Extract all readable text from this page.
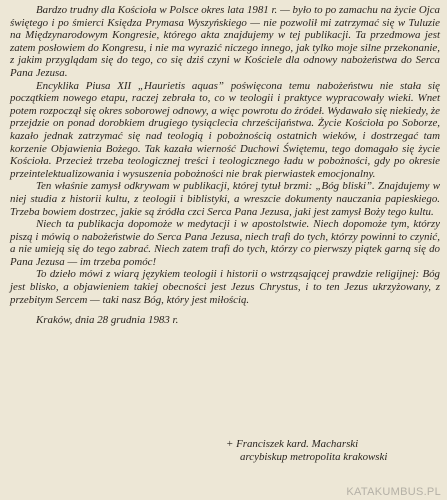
Bardzo trudny dla Kościoła w Polsce okres lata 1981 r. — było to po zamachu na życie Ojca świętego i po śmierci Księdza Prymasa Wyszyńskiego — nie pozwolił mi zatrzymać się w Tuluzie na Międzynarodowym Kongresie, którego akta znajdujemy w tej publikacji. Ta przedmowa jest zatem posłowiem do Kongresu, i nie ma wyrazić niczego innego, jak tylko moje silne przekonanie, z jakim przyglądam się do tego, co się dziś czyni w Kościele dla odnowy nabożeństwa do Serca Pana Jezusa.

Encyklika Piusa XII „Haurietis aquas” poświęcona temu nabożeństwu nie stała się początkiem nowego etapu, raczej zebrała to, co w teologii i praktyce wypracowały wieki. Wnet potem rozpoczął się okres soborowej odnowy, a więc powrotu do źródeł. Wydawało się niekiedy, że przejdzie on ponad dorobkiem drugiego tysiąclecia chrześcijaństwa. Życie Kościoła po Soborze, kazało jednak zatrzymać się nad teologią i pobożnością ostatnich wieków, i dostrzegać tam korzenie Objawienia Bożego. Tak kazała wierność Duchowi Świętemu, tego domagało się życie Kościoła. Przecież trzeba teologicznej treści i teologicznego ładu w pobożności, gdy po okresie przeintelektualizowania i wysuszenia pobożności nie brak pierwiastek emocjonalny.

Ten właśnie zamysł odkrywam w publikacji, której tytuł brzmi: „Bóg bliski”. Znajdujemy w niej studia z historii kultu, z teologii i biblistyki, a wreszcie dokumenty nauczania papieskiego. Trzeba bowiem dostrzec, jakie są źródła czci Serca Pana Jezusa, jaki jest zamysł Boży tego kultu.

Niech ta publikacja dopomoże w medytacji i w apostolstwie. Niech dopomoże tym, którzy piszą i mówią o nabożeństwie do Serca Pana Jezusa, niech trafi do tych, którzy powinni to czynić, a nie umieją się do tego zabrać. Niech zatem trafi do tych, którzy co pierwszy piątek garną się do Pana Jezusa — im trzeba pomóc!

To dzieło mówi z wiarą językiem teologii i historii o wstrząsającej prawdzie religijnej: Bóg jest blisko, a objawieniem takiej obecności jest Jezus Chrystus, i to ten Jezus ukrzyżowany, z przebitym Sercem — taki nasz Bóg, który jest miłością.

Kraków, dnia 28 grudnia 1983 r.

+ Franciszek kard. Macharski
arcybiskup metropolita krakowski
KATAKUMBUS.PL
